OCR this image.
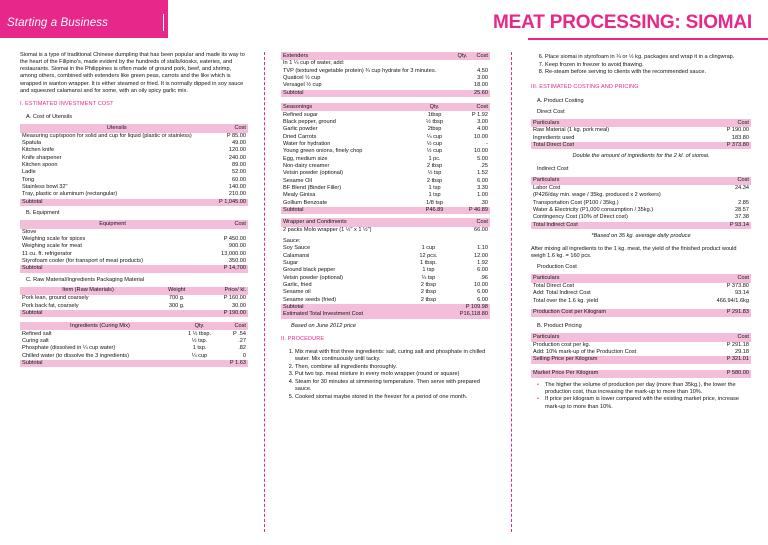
Starting a Business	MEAT PROCESSING: SIOMAI

Siomai is a type of traditional Chinese dumpling that has been popular and made its way to the heart of the Filipino's, made evident by the hundreds of stalls/kiosks, eateries, and restaurants. Siomai in the Philippines is often made of ground pork, beef, and shrimp, among others, combined with extenders like green peas, carrots and the like which is wrapped in wanton wrapper. It is either steamed or fried. It is normally dipped in soy sauce and squeezed calamansi and for some, with an oily spicy garlic mix.

I. ESTIMATED INVESTMENT COST
A. Cost of Utensils
Utensils	Cost
Measuring cup/spoon for solid and cup for liquid (plastic or stainless)	P 85.00
Spatula	49.00
Kitchen knife	120.00
Knife sharpener	240.00
Kitchen spoon	89.00
Ladle	52.00
Tong	60.00
Stainless bowl 32"	140.00
Tray, plastic or aluminum (rectangular)	210.00
Subtotal	P 1,045.00
B. Equipment
Equipment	Cost
Stove	
Weighing scale for spices	P 450.00
Weighing scale for meat	900.00
11 cu. ft. refrigerator	13,000.00
Styrofoam cooler (for transport of meat products)	350.00
Subtotal	P 14,700
C. Raw Material/Ingredients Packaging Material
Item (Raw Materials)	Weight	Price/ kl.
Pork lean, ground coarsely	700 g.	P 160.00
Pork back fat, coarsely	300 g.	30.00
Subtotal		P 190.00
Ingredients (Curing Mix)	Qty.	Cost
Refined salt	1 ½ tbsp.	P .54
Curing salt	½ tsp.	.27
Phosphate (dissolved in ¼ cup water)	1 tsp.	.82
Chilled water (to dissolve the 3 ingredients)	¼ cup	0
Subtotal		P 1.63
Extenders	Qty.	Cost
In 1 ¼ cup of water, add:		
TVP (textured vegetable protein) ¾ cup hydrate for 3 minutes.		4.50
Quaticel ½ cup		3.00
Versagel ½ cup		18.00
Subtotal		25.60
Seasonings	Qty.	Cost
Refined sugar	1tbsp	P 1.92
Black pepper, ground	½ tbsp	3.00
Garlic powder	2tbsp	4.00
Dried Carrots	¼ cup	10.00
Water for hydration	½ cup	-
Young green onions, finely chop	½ cup	10.00
Egg, medium size	1 pc.	5.00
Non-dairy creamer	2 tbsp	.25
Vetsin powder (optional)	½ tsp	1.52
Sesame Oil	2 tbsp	6.00
BF Blend (Binder Filler)	1 tsp	3.30
Mealy Ginisa	1 tsp	1.00
Gollium Benzoate	1/8 tsp	.30
Subtotal	P46.89	P 46.89
Wrapper and Condiments		Cost
2 packs Molo wrapper (1 ½" x 1 ½")		66.00
Sauce:		
Soy Sauce	1 cup	1.10
Calamansi	12 pcs.	12.00
Sugar	1 tbsp.	1.92
Ground black pepper	1 tsp	6.00
Vetsin powder (optional)	¼ tsp	.96
Garlic, fried	2 tbsp	10.00
Sesame oil	2 tbsp	6.00
Sesame seeds (fried)	2 tbsp	6.00
Subtotal		P 109.98
Estimated Total Investment Cost		P16,118.80
Based on June 2012 price
II. PROCEDURE
1. Mix meat with first three ingredients: salt, curing salt and phosphate in chilled water. Mix continuously until tacky.
2. Then, combine all ingredients thoroughly.
3. Put two tsp. meat mixture in every molo wrapper (round or square)
4. Steam for 30 minutes at simmering temperature. Then serve with prepared sauce.
5. Cooked siomai maybe stored in the freezer for a period of one month.
6. Place siomai in styrofoam in ¼ or ½ kg. packages and wrap it in a clingwrap.
7. Keep frozen in freezer to avoid thawing.
8. Re-steam before serving to clients with the recommended sauce.
III. ESTIMATED COSTING AND PRICING
A. Product Costing
Direct Cost
Particulars	Cost
Raw Material (1 kg. pork meal)	P 190.00
Ingredients used	183.80
Total Direct Cost	P 373.80
Double the amount of ingredients for the 2 kl. of siomai.
Indirect Cost
Particulars	Cost
Labor Cost
(P426/day min. wage / 35kg. produced x 2 workers)	24.34
Transportation Cost (P100 / 35kg.)	2.85
Water & Electricity (P1,000 consumption / 35kg.)	28.57
Contingency Cost (10% of Direct cost)	37.38
Total Indirect Cost	P 93.14
*Based on 35 kg. average daily produce

After mixing all ingredients to the 1 kg. meat, the yield of the finished product would weigh 1.6 kg. = 160 pcs.

Production Cost
Particulars	Cost
Total Direct Cost	P 373.80
Add: Total Indirect Cost	93.14
Total over the 1.6 kg. yield	466.94/1.6kg
Production Cost per Kilogram	P 291.83
B. Product Pricing
Particulars	Cost
Production cost per kg.	P 291.18
Add: 10% mark-up of the Production Cost	29.18
Selling Price per Kilogram	P 321.01
Market Price Per Kilogram	P 580.00
• The higher the volume of production per day (more than 35kg.), the lower the production cost, thus increasing the mark-up to more than 10%.
• If price per kilogram is lower compared with the existing market price, increase mark-up to more than 10%.
